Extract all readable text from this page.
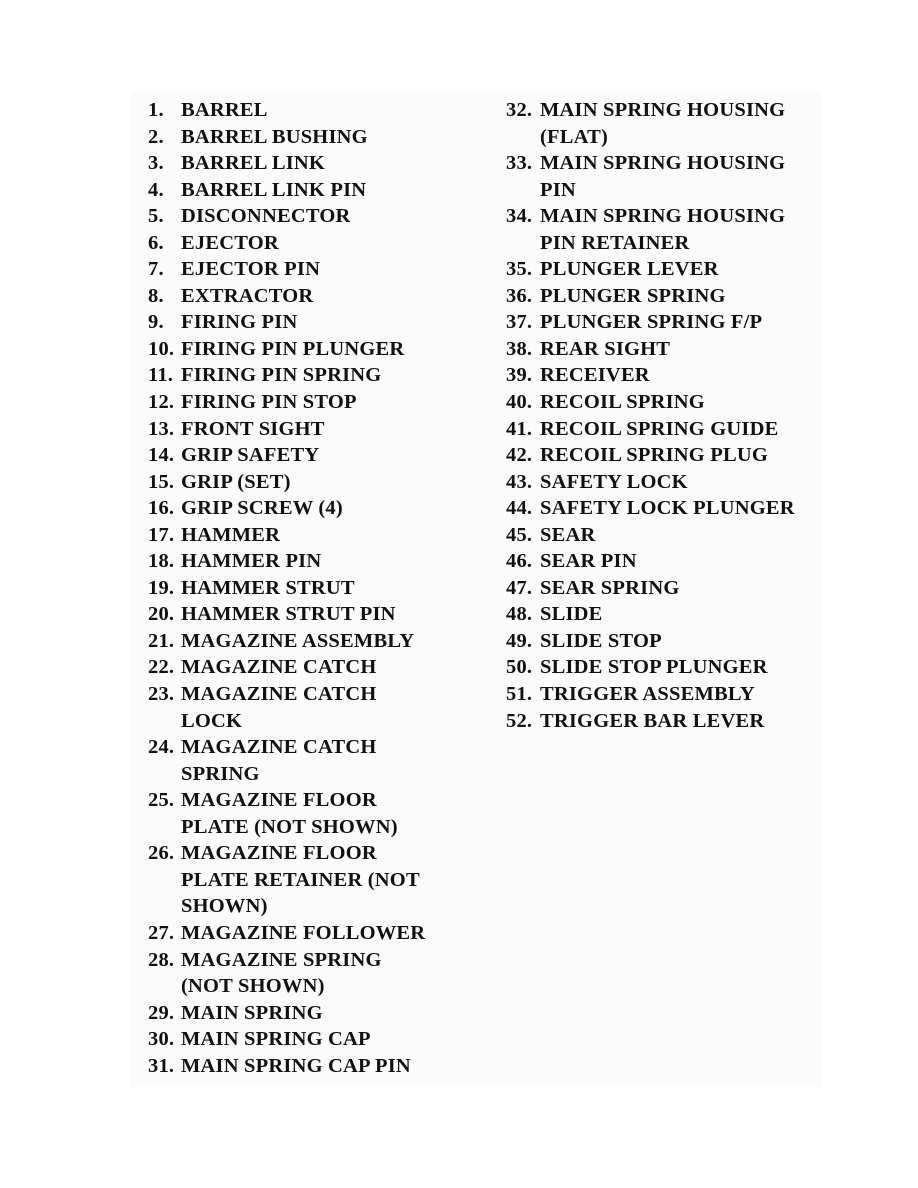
1. BARREL
2. BARREL BUSHING
3. BARREL LINK
4. BARREL LINK PIN
5. DISCONNECTOR
6. EJECTOR
7. EJECTOR PIN
8. EXTRACTOR
9. FIRING PIN
10. FIRING PIN PLUNGER
11. FIRING PIN SPRING
12. FIRING PIN STOP
13. FRONT SIGHT
14. GRIP SAFETY
15. GRIP (SET)
16. GRIP SCREW (4)
17. HAMMER
18. HAMMER PIN
19. HAMMER STRUT
20. HAMMER STRUT PIN
21. MAGAZINE ASSEMBLY
22. MAGAZINE CATCH
23. MAGAZINE CATCH
LOCK
24. MAGAZINE CATCH
SPRING
25. MAGAZINE FLOOR
PLATE (NOT SHOWN)
26. MAGAZINE FLOOR
PLATE RETAINER (NOT
SHOWN)
27. MAGAZINE FOLLOWER
28. MAGAZINE SPRING
(NOT SHOWN)
29. MAIN SPRING
30. MAIN SPRING CAP
31. MAIN SPRING CAP PIN
32. MAIN SPRING HOUSING
(FLAT)
33. MAIN SPRING HOUSING
PIN
34. MAIN SPRING HOUSING
PIN RETAINER
35. PLUNGER LEVER
36. PLUNGER SPRING
37. PLUNGER SPRING F/P
38. REAR SIGHT
39. RECEIVER
40. RECOIL SPRING
41. RECOIL SPRING GUIDE
42. RECOIL SPRING PLUG
43. SAFETY LOCK
44. SAFETY LOCK PLUNGER
45. SEAR
46. SEAR PIN
47. SEAR SPRING
48. SLIDE
49. SLIDE STOP
50. SLIDE STOP PLUNGER
51. TRIGGER ASSEMBLY
52. TRIGGER BAR LEVER
